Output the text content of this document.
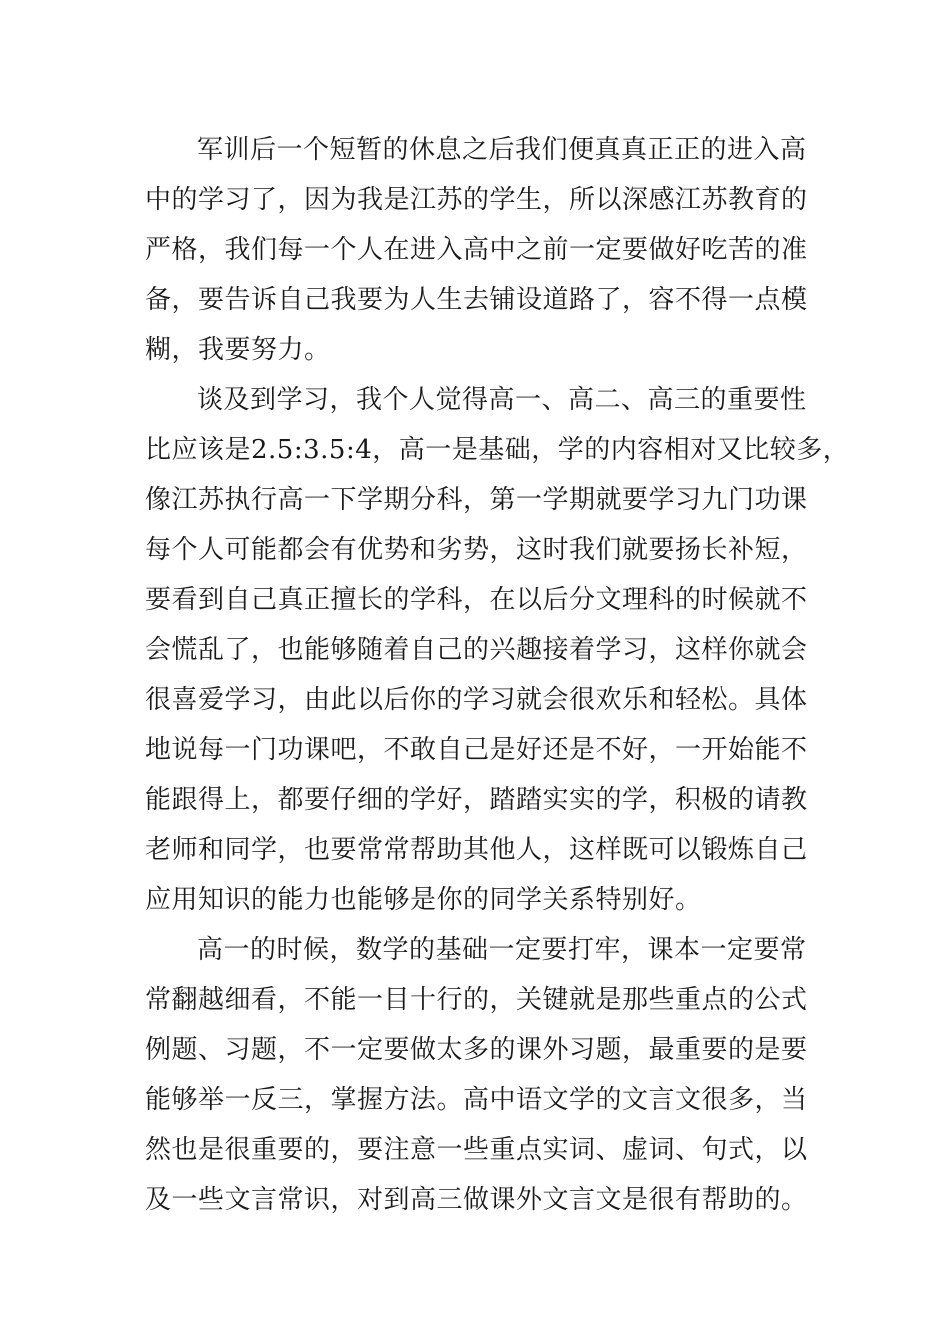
军训后一个短暂的休息之后我们便真真正正的进入高
中的学习了，因为我是江苏的学生，所以深感江苏教育的
严格，我们每一个人在进入高中之前一定要做好吃苦的准
备，要告诉自己我要为人生去铺设道路了，容不得一点模
糊，我要努力。
谈及到学习，我个人觉得高一、高二、高三的重要性
比应该是2.5:3.5:4，高一是基础，学的内容相对又比较多，
像江苏执行高一下学期分科，第一学期就要学习九门功课
每个人可能都会有优势和劣势，这时我们就要扬长补短，
要看到自己真正擅长的学科，在以后分文理科的时候就不
会慌乱了，也能够随着自己的兴趣接着学习，这样你就会
很喜爱学习，由此以后你的学习就会很欢乐和轻松。具体
地说每一门功课吧，不敢自己是好还是不好，一开始能不
能跟得上，都要仔细的学好，踏踏实实的学，积极的请教
老师和同学，也要常常帮助其他人，这样既可以锻炼自己
应用知识的能力也能够是你的同学关系特别好。
高一的时候，数学的基础一定要打牢，课本一定要常
常翻越细看，不能一目十行的，关键就是那些重点的公式
例题、习题，不一定要做太多的课外习题，最重要的是要
能够举一反三，掌握方法。高中语文学的文言文很多，当
然也是很重要的，要注意一些重点实词、虚词、句式，以
及一些文言常识，对到高三做课外文言文是很有帮助的。
